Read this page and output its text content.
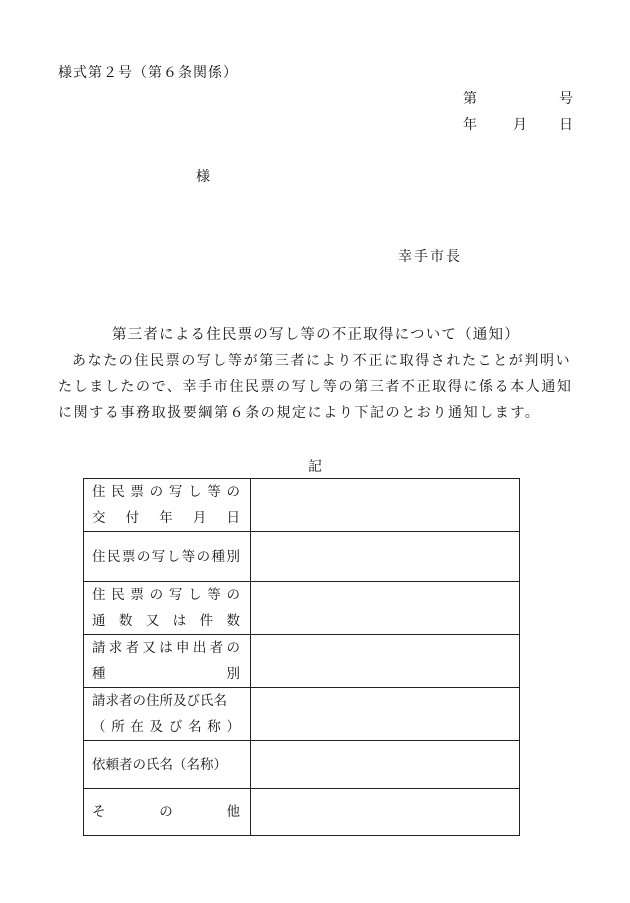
様式第２号（第６条関係）
第	号
年	月 日
様
幸手市長
第三者による住民票の写し等の不正取得について（通知）
あなたの住民票の写し等が第三者により不正に取得されたことが判明い
たしましたので、幸手市住民票の写し等の第三者不正取得に係る本人通知
に関する事務取扱要綱第６条の規定により下記のとおり通知します。
記
住民票の写し等の
交付年月日	

住民票の写し等の種別	

住民票の写し等の
通数又は件数	

請求者又は申出者の
種別	

請求者の住所及び氏名
（所在及び名称）	

依頼者の氏名（名称）	

その他	
